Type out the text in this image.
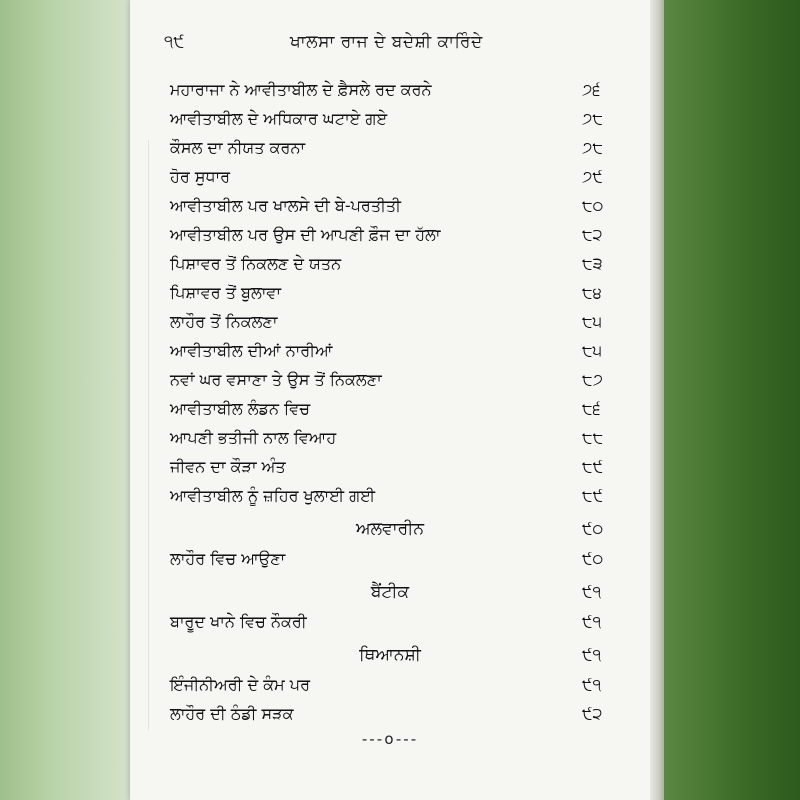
੧੯	ਖਾਲਸਾ ਰਾਜ ਦੇ ਬਦੇਸ਼ੀ ਕਾਰਿੰਦੇ
ਮਹਾਰਾਜਾ ਨੇ ਆਵੀਤਾਬੀਲ ਦੇ ਫ਼ੈਸਲੇ ਰਦ ਕਰਨੇ	੭੬
ਆਵੀਤਾਬੀਲ ਦੇ ਅਧਿਕਾਰ ਘਟਾਏ ਗਏ	੭੮
ਕੌਸਲ ਦਾ ਨੀਯਤ ਕਰਨਾ	੭੮
ਹੋਰ ਸੁਧਾਰ	੭੯
ਆਵੀਤਾਬੀਲ ਪਰ ਖਾਲਸੇ ਦੀ ਬੇ-ਪਰਤੀਤੀ	੮੦
ਆਵੀਤਾਬੀਲ ਪਰ ਉਸ ਦੀ ਆਪਣੀ ਫ਼ੌਜ ਦਾ ਹੱਲਾ	੮੨
ਪਿਸ਼ਾਵਰ ਤੋਂ ਨਿਕਲਣ ਦੇ ਯਤਨ	੮੩
ਪਿਸ਼ਾਵਰ ਤੋਂ ਬੁਲਾਵਾ	੮੪
ਲਾਹੌਰ ਤੋਂ ਨਿਕਲਣਾ	੮੫
ਆਵੀਤਾਬੀਲ ਦੀਆਂ ਨਾਰੀਆਂ	੮੫
ਨਵਾਂ ਘਰ ਵਸਾਣਾ ਤੇ ਉਸ ਤੋਂ ਨਿਕਲਣਾ	੮੭
ਆਵੀਤਾਬੀਲ ਲੰਡਨ ਵਿਚ	੮੬
ਆਪਣੀ ਭਤੀਜੀ ਨਾਲ ਵਿਆਹ	੮੮
ਜੀਵਨ ਦਾ ਕੌੜਾ ਅੰਤ	੮੯
ਆਵੀਤਾਬੀਲ ਨੂੰ ਜ਼ਹਿਰ ਖੁਲਾਈ ਗਈ	੮੯
ਅਲਵਾਰੀਨ	੯੦
ਲਾਹੌਰ ਵਿਚ ਆਉਣਾ	੯੦
ਬੈਂਟੀਕ	੯੧
ਬਾਰੂਦ ਖਾਨੇ ਵਿਚ ਨੌਕਰੀ	੯੧
ਥਿਆਨਸ਼ੀ	੯੧
ਇੰਜੀਨੀਅਰੀ ਦੇ ਕੰਮ ਪਰ	੯੧
ਲਾਹੌਰ ਦੀ ਠੰਡੀ ਸੜਕ	੯੨
---o---
